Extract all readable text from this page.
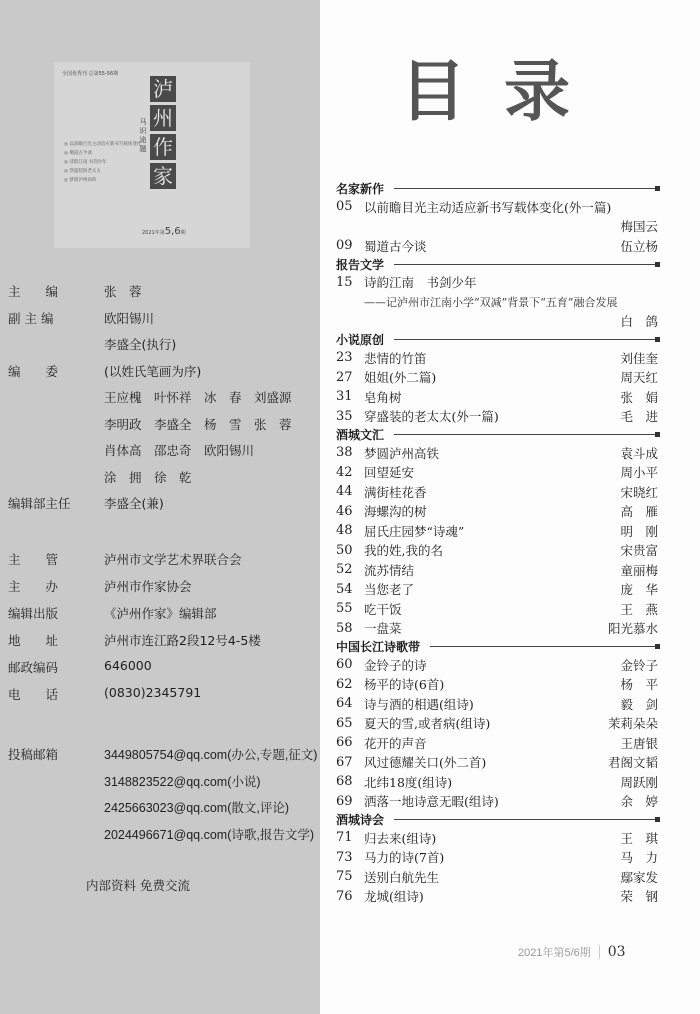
全国优秀刊 总第55-56期
泸
州
作
家
马识途题
◎ 以前瞻目光主动适应新书写载体变化
◎ 蜀道古今谈
◎ 诗韵江南 书剑少年
◎ 穿盛装的老太太
◎ 梦圆泸州高铁
2021年第5,6期
主　　编	张　蓉
副 主 编	欧阳锡川
李盛全(执行)
编　　委	(以姓氏笔画为序)
王应槐　叶怀祥　冰　春　刘盛源
李明政　李盛全　杨　雪　张　蓉
肖体高　邵忠奇　欧阳锡川
涂　拥　徐　乾
编辑部主任	李盛全(兼)
主　　管	泸州市文学艺术界联合会
主　　办	泸州市作家协会
编辑出版	《泸州作家》编辑部
地　　址	泸州市连江路2段12号4-5楼
邮政编码	646000
电　　话	(0830)2345791
投稿邮箱	3449805754@qq.com(办公,专题,征文)
3148823522@qq.com(小说)
2425663023@qq.com(散文,评论)
2024496671@qq.com(诗歌,报告文学)
内部资料 免费交流
目录
名家新作
05 以前瞻目光主动适应新书写载体变化(外一篇)
梅国云
09 蜀道古今谈	伍立杨
报告文学
15 诗韵江南　书剑少年
——记泸州市江南小学“双减”背景下“五育”融合发展
白　鸽
小说原创
23 悲情的竹笛	刘佳奎
27 姐姐(外二篇)	周天红
31 皂角树	张　娟
35 穿盛装的老太太(外一篇)	毛　进
酒城文汇
38 梦圆泸州高铁	袁斗成
42 回望延安	周小平
44 满街桂花香	宋晓红
46 海螺沟的树	高　雁
48 屈氏庄园梦“诗魂”	明　刚
50 我的姓,我的名	宋贵富
52 流苏情结	童丽梅
54 当您老了	庞　华
55 吃干饭	王　燕
58 一盘菜	阳光慕水
中国长江诗歌带
60 金铃子的诗	金铃子
62 杨平的诗(6首)	杨　平
64 诗与酒的相遇(组诗)	毅　剑
65 夏天的雪,或者病(组诗)	茉莉朵朵
66 花开的声音	王唐银
67 风过德耀关口(外二首)	君阁文韬
68 北纬18度(组诗)	周跃刚
69 洒落一地诗意无暇(组诗)	余　婷
酒城诗会
71 归去来(组诗)	王　琪
73 马力的诗(7首)	马　力
75 送别白航先生	鄢家发
76 龙城(组诗)	荣　钢
2021年第5/6期 03
